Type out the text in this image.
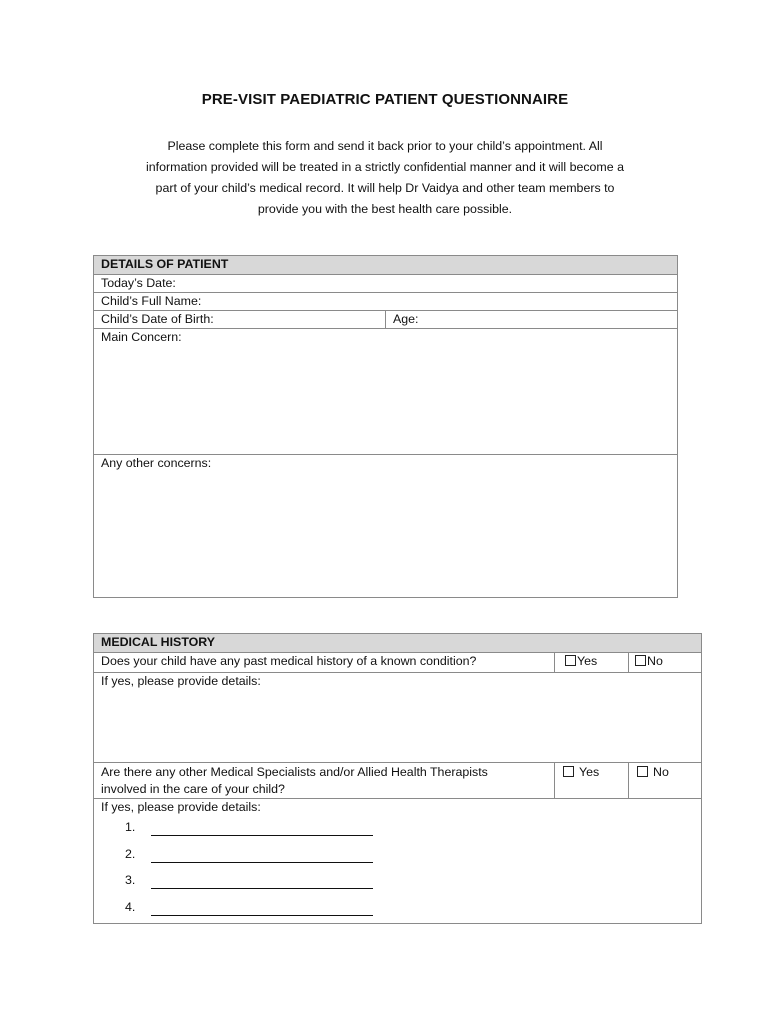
PRE-VISIT PAEDIATRIC PATIENT QUESTIONNAIRE
Please complete this form and send it back prior to your child’s appointment. All
information provided will be treated in a strictly confidential manner and it will become a
part of your child’s medical record. It will help Dr Vaidya and other team members to
provide you with the best health care possible.
DETAILS OF PATIENT
Today’s Date:
Child’s Full Name:
Child’s Date of Birth:	Age:
Main Concern:
Any other concerns:
MEDICAL HISTORY		
Does your child have any past medical history of a known condition?	Yes	No
If yes, please provide details:		

Are there any other Medical Specialists and/or Allied Health Therapists
involved in the care of your child?	Yes	No

If yes, please provide details:
1.
2.
3.
4.		
